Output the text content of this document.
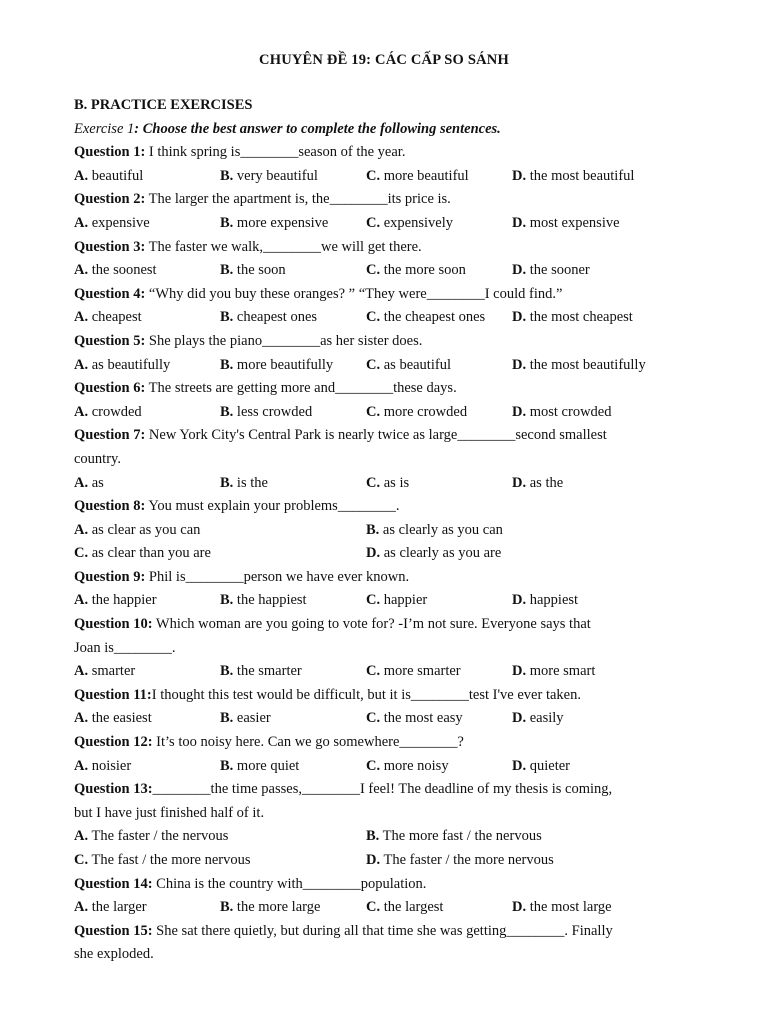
CHUYÊN ĐỀ 19: CÁC CẤP SO SÁNH
B. PRACTICE EXERCISES
Exercise 1: Choose the best answer to complete the following sentences.
Question 1: I think spring is________season of the year.
A. beautiful	B. very beautiful	C. more beautiful	D. the most beautiful
Question 2: The larger the apartment is, the________its price is.
A. expensive	B. more expensive	C. expensively	D. most expensive
Question 3: The faster we walk,________we will get there.
A. the soonest	B. the soon	C. the more soon	D. the sooner
Question 4: “Why did you buy these oranges? ” “They were________I could find.”
A. cheapest	B. cheapest ones	C. the cheapest ones	D. the most cheapest
Question 5: She plays the piano________as her sister does.
A. as beautifully	B. more beautifully	C. as beautiful	D. the most beautifully
Question 6: The streets are getting more and________these days.
A. crowded	B. less crowded	C. more crowded	D. most crowded
Question 7: New York City's Central Park is nearly twice as large________second smallest
country.
A. as	B. is the	C. as is	D. as the
Question 8: You must explain your problems________.
A. as clear as you can	B. as clearly as you can
C. as clear than you are	D. as clearly as you are
Question 9: Phil is________person we have ever known.
A. the happier	B. the happiest	C. happier	D. happiest
Question 10: Which woman are you going to vote for? -I’m not sure. Everyone says that
Joan is________.
A. smarter	B. the smarter	C. more smarter	D. more smart
Question 11:I thought this test would be difficult, but it is________test I've ever taken.
A. the easiest	B. easier	C. the most easy	D. easily
Question 12: It’s too noisy here. Can we go somewhere________?
A. noisier	B. more quiet	C. more noisy	D. quieter
Question 13:________the time passes,________I feel! The deadline of my thesis is coming,
but I have just finished half of it.
A. The faster / the nervous	B. The more fast / the nervous
C. The fast / the more nervous	D. The faster / the more nervous
Question 14: China is the country with________population.
A. the larger	B. the more large	C. the largest	D. the most large
Question 15: She sat there quietly, but during all that time she was getting________. Finally
she exploded.
